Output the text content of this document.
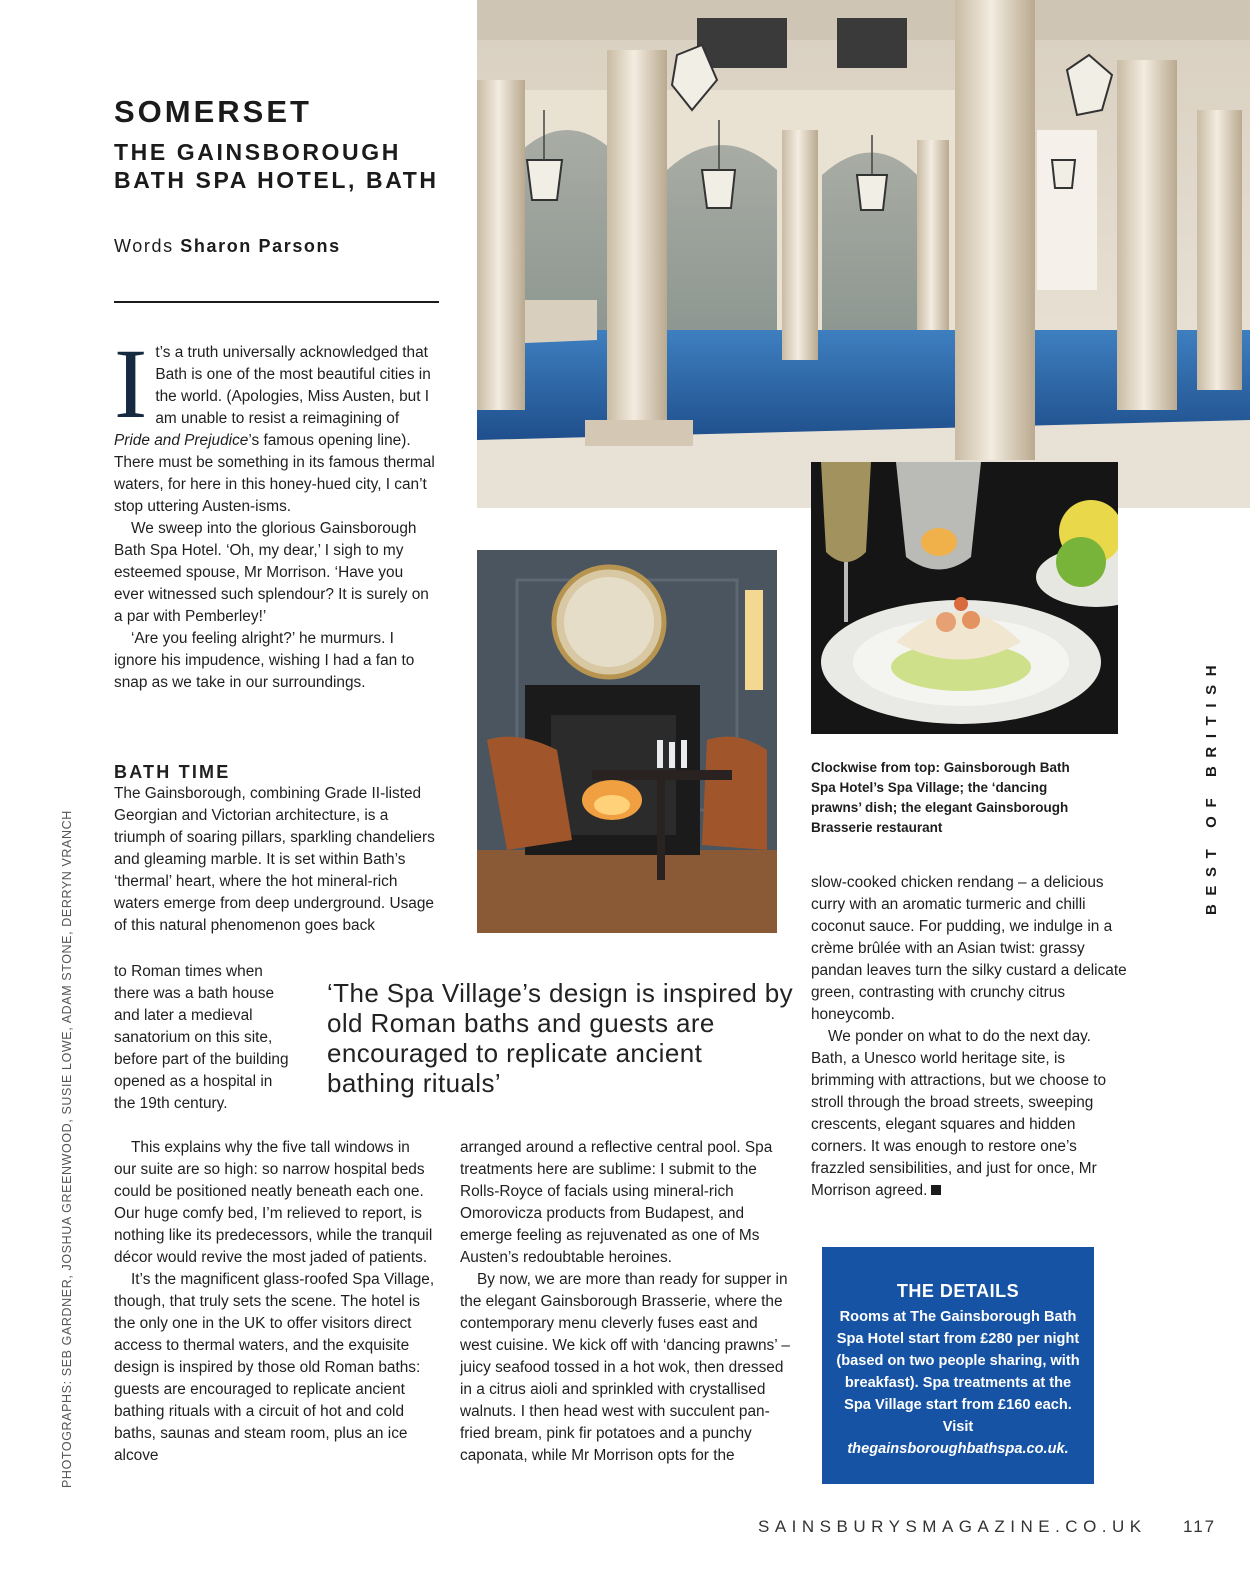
SOMERSET
THE GAINSBOROUGH BATH SPA HOTEL, BATH
Words Sharon Parsons

It’s a truth universally acknowledged that Bath is one of the most beautiful cities in the world. (Apologies, Miss Austen, but I am unable to resist a reimagining of Pride and Prejudice’s famous opening line). There must be something in its famous thermal waters, for here in this honey-hued city, I can’t stop uttering Austen-isms.

We sweep into the glorious Gainsborough Bath Spa Hotel. ‘Oh, my dear,’ I sigh to my esteemed spouse, Mr Morrison. ‘Have you ever witnessed such splendour? It is surely on a par with Pemberley!’

‘Are you feeling alright?’ he murmurs. I ignore his impudence, wishing I had a fan to snap as we take in our surroundings.

BATH TIME

The Gainsborough, combining Grade II-listed Georgian and Victorian architecture, is a triumph of soaring pillars, sparkling chandeliers and gleaming marble. It is set within Bath’s ‘thermal’ heart, where the hot mineral-rich waters emerge from deep underground. Usage of this natural phenomenon goes back

to Roman times when there was a bath house and later a medieval sanatorium on this site, before part of the building opened as a hospital in the 19th century.

This explains why the five tall windows in our suite are so high: so narrow hospital beds could be positioned neatly beneath each one. Our huge comfy bed, I’m relieved to report, is nothing like its predecessors, while the tranquil décor would revive the most jaded of patients.

It’s the magnificent glass-roofed Spa Village, though, that truly sets the scene. The hotel is the only one in the UK to offer visitors direct access to thermal waters, and the exquisite design is inspired by those old Roman baths: guests are encouraged to replicate ancient bathing rituals with a circuit of hot and cold baths, saunas and steam room, plus an ice alcove

‘The Spa Village’s design is inspired by old Roman baths and guests are encouraged to replicate ancient bathing rituals’

arranged around a reflective central pool. Spa treatments here are sublime: I submit to the Rolls-Royce of facials using mineral-rich Omorovicza products from Budapest, and emerge feeling as rejuvenated as one of Ms Austen’s redoubtable heroines.

By now, we are more than ready for supper in the elegant Gainsborough Brasserie, where the contemporary menu cleverly fuses east and west cuisine. We kick off with ‘dancing prawns’ – juicy seafood tossed in a hot wok, then dressed in a citrus aioli and sprinkled with crystallised walnuts. I then head west with succulent pan-fried bream, pink fir potatoes and a punchy caponata, while Mr Morrison opts for the

slow-cooked chicken rendang – a delicious curry with an aromatic turmeric and chilli coconut sauce. For pudding, we indulge in a crème brûlée with an Asian twist: grassy pandan leaves turn the silky custard a delicate green, contrasting with crunchy citrus honeycomb.

We ponder on what to do the next day. Bath, a Unesco world heritage site, is brimming with attractions, but we choose to stroll through the broad streets, sweeping crescents, elegant squares and hidden corners. It was enough to restore one’s frazzled sensibilities, and just for once, Mr Morrison agreed.

Clockwise from top: Gainsborough Bath Spa Hotel’s Spa Village; the ‘dancing prawns’ dish; the elegant Gainsborough Brasserie restaurant	BEST OF BRITISH
PHOTOGRAPHS: SEB GARDNER, JOSHUA GREENWOOD, SUSIE LOWE, ADAM STONE, DERRYN VRANCH	THE DETAILS

Rooms at The Gainsborough Bath Spa Hotel start from £280 per night (based on two people sharing, with breakfast). Spa treatments at the Spa Village start from £160 each. Visit thegainsboroughbathspa.co.uk.

SAINSBURYSMAGAZINE.CO.UK 117
